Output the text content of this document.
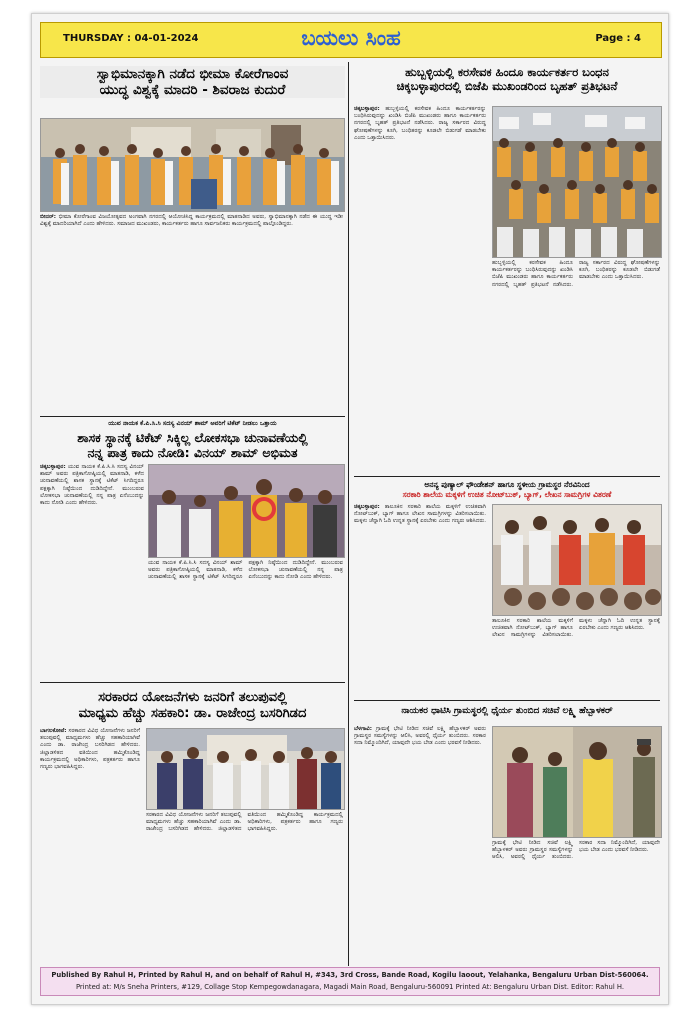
THURSDAY : 04-01-2024	ಬಯಲು ಸಿಂಹ	Page : 4
ಸ್ವಾಭಿಮಾನಕ್ಕಾಗಿ ನಡೆದ ಭೀಮಾ ಕೋರೆಗಾಂವ
ಯುದ್ಧ ವಿಶ್ವಕ್ಕೆ ಮಾದರಿ - ಶಿವರಾಜ ಕುದುರೆ

ಬೀದರ್: ಭೀಮಾ ಕೋರೆಗಾಂವ ವಿಜಯೋತ್ಸವದ ಅಂಗವಾಗಿ ನಗರದಲ್ಲಿ ಆಯೋಜಿಸಿದ್ದ ಕಾರ್ಯಕ್ರಮದಲ್ಲಿ ಮಾತನಾಡಿದ ಅವರು, ಸ್ವಾಭಿಮಾನಕ್ಕಾಗಿ ನಡೆದ ಈ ಯುದ್ಧ ಇಡೀ ವಿಶ್ವಕ್ಕೆ ಮಾದರಿಯಾಗಿದೆ ಎಂದು ಹೇಳಿದರು. ಸಮಾಜದ ಮುಖಂಡರು, ಕಾರ್ಯಕರ್ತರು ಹಾಗೂ ಸಾರ್ವಜನಿಕರು ಕಾರ್ಯಕ್ರಮದಲ್ಲಿ ಪಾಲ್ಗೊಂಡಿದ್ದರು.

ಯುವ ನಾಯಕ ಕೆ.ಪಿ.ಸಿ.ಸಿ ಸದಸ್ಯ ವಿನಯ್ ಶಾಮ್ ಅವರಿಗೆ ಟಿಕೆಟ್ ನೀಡಲು ಒತ್ತಾಯ
ಶಾಸಕ ಸ್ಥಾನಕ್ಕೆ ಟಿಕೆಟ್ ಸಿಕ್ಕಿಲ್ಲ ಲೋಕಸಭಾ ಚುನಾವಣೆಯಲ್ಲಿ
ನನ್ನ ಪಾತ್ರ ಕಾದು ನೋಡಿ: ವಿನಯ್ ಶಾಮ್ ಅಭಿಮತ

ಚಿಕ್ಕಬಳ್ಳಾಪುರ: ಯುವ ನಾಯಕ ಕೆ.ಪಿ.ಸಿ.ಸಿ ಸದಸ್ಯ ವಿನಯ್ ಶಾಮ್ ಅವರು ಪತ್ರಿಕಾಗೋಷ್ಠಿಯಲ್ಲಿ ಮಾತನಾಡಿ, ಕಳೆದ ಚುನಾವಣೆಯಲ್ಲಿ ಶಾಸಕ ಸ್ಥಾನಕ್ಕೆ ಟಿಕೆಟ್ ಸಿಗದಿದ್ದರೂ ಪಕ್ಷಕ್ಕಾಗಿ ನಿಷ್ಠೆಯಿಂದ ದುಡಿದಿದ್ದೇನೆ. ಮುಂಬರುವ ಲೋಕಸಭಾ ಚುನಾವಣೆಯಲ್ಲಿ ನನ್ನ ಪಾತ್ರ ಏನೆಂಬುದನ್ನು ಕಾದು ನೋಡಿ ಎಂದು ಹೇಳಿದರು.

ಯುವ ನಾಯಕ ಕೆ.ಪಿ.ಸಿ.ಸಿ ಸದಸ್ಯ ವಿನಯ್ ಶಾಮ್ ಅವರು ಪತ್ರಿಕಾಗೋಷ್ಠಿಯಲ್ಲಿ ಮಾತನಾಡಿ, ಕಳೆದ ಚುನಾವಣೆಯಲ್ಲಿ ಶಾಸಕ ಸ್ಥಾನಕ್ಕೆ ಟಿಕೆಟ್ ಸಿಗದಿದ್ದರೂ ಪಕ್ಷಕ್ಕಾಗಿ ನಿಷ್ಠೆಯಿಂದ ದುಡಿದಿದ್ದೇನೆ. ಮುಂಬರುವ ಲೋಕಸಭಾ ಚುನಾವಣೆಯಲ್ಲಿ ನನ್ನ ಪಾತ್ರ ಏನೆಂಬುದನ್ನು ಕಾದು ನೋಡಿ ಎಂದು ಹೇಳಿದರು.

ಸರಕಾರದ ಯೋಜನೆಗಳು ಜನರಿಗೆ ತಲುಪುವಲ್ಲಿ
ಮಾಧ್ಯಮ ಹೆಚ್ಚು ಸಹಕಾರಿ: ಡಾ. ರಾಜೇಂದ್ರ ಬಸರಿಗಿಡದ

ಬಾಗಲಕೋಟೆ: ಸರಕಾರದ ವಿವಿಧ ಯೋಜನೆಗಳು ಜನರಿಗೆ ತಲುಪುವಲ್ಲಿ ಮಾಧ್ಯಮಗಳು ಹೆಚ್ಚು ಸಹಕಾರಿಯಾಗಿವೆ ಎಂದು ಡಾ. ರಾಜೇಂದ್ರ ಬಸರಿಗಿಡದ ಹೇಳಿದರು. ಜಿಲ್ಲಾಡಳಿತದ ವತಿಯಿಂದ ಹಮ್ಮಿಕೊಂಡಿದ್ದ ಕಾರ್ಯಕ್ರಮದಲ್ಲಿ ಅಧಿಕಾರಿಗಳು, ಪತ್ರಕರ್ತರು ಹಾಗೂ ಗಣ್ಯರು ಭಾಗವಹಿಸಿದ್ದರು.

ಸರಕಾರದ ವಿವಿಧ ಯೋಜನೆಗಳು ಜನರಿಗೆ ತಲುಪುವಲ್ಲಿ ಮಾಧ್ಯಮಗಳು ಹೆಚ್ಚು ಸಹಕಾರಿಯಾಗಿವೆ ಎಂದು ಡಾ. ರಾಜೇಂದ್ರ ಬಸರಿಗಿಡದ ಹೇಳಿದರು. ಜಿಲ್ಲಾಡಳಿತದ ವತಿಯಿಂದ ಹಮ್ಮಿಕೊಂಡಿದ್ದ ಕಾರ್ಯಕ್ರಮದಲ್ಲಿ ಅಧಿಕಾರಿಗಳು, ಪತ್ರಕರ್ತರು ಹಾಗೂ ಗಣ್ಯರು ಭಾಗವಹಿಸಿದ್ದರು.

ಹುಬ್ಬಳ್ಳಿಯಲ್ಲಿ ಕರಸೇವಕ ಹಿಂದೂ ಕಾರ್ಯಕರ್ತರ ಬಂಧನ
ಚಿಕ್ಕಬಳ್ಳಾಪುರದಲ್ಲಿ ಬಿಜೆಪಿ ಮುಖಂಡರಿಂದ ಬೃಹತ್ ಪ್ರತಿಭಟನೆ

ಚಿಕ್ಕಬಳ್ಳಾಪುರ: ಹುಬ್ಬಳ್ಳಿಯಲ್ಲಿ ಕರಸೇವಕ ಹಿಂದೂ ಕಾರ್ಯಕರ್ತರನ್ನು ಬಂಧಿಸಿರುವುದನ್ನು ಖಂಡಿಸಿ ಬಿಜೆಪಿ ಮುಖಂಡರು ಹಾಗೂ ಕಾರ್ಯಕರ್ತರು ನಗರದಲ್ಲಿ ಬೃಹತ್ ಪ್ರತಿಭಟನೆ ನಡೆಸಿದರು. ರಾಜ್ಯ ಸರ್ಕಾರದ ವಿರುದ್ಧ ಘೋಷಣೆಗಳನ್ನು ಕೂಗಿ, ಬಂಧಿತರನ್ನು ಕೂಡಲೇ ಬಿಡುಗಡೆ ಮಾಡಬೇಕು ಎಂದು ಒತ್ತಾಯಿಸಿದರು.

ಹುಬ್ಬಳ್ಳಿಯಲ್ಲಿ ಕರಸೇವಕ ಹಿಂದೂ ಕಾರ್ಯಕರ್ತರನ್ನು ಬಂಧಿಸಿರುವುದನ್ನು ಖಂಡಿಸಿ ಬಿಜೆಪಿ ಮುಖಂಡರು ಹಾಗೂ ಕಾರ್ಯಕರ್ತರು ನಗರದಲ್ಲಿ ಬೃಹತ್ ಪ್ರತಿಭಟನೆ ನಡೆಸಿದರು. ರಾಜ್ಯ ಸರ್ಕಾರದ ವಿರುದ್ಧ ಘೋಷಣೆಗಳನ್ನು ಕೂಗಿ, ಬಂಧಿತರನ್ನು ಕೂಡಲೇ ಬಿಡುಗಡೆ ಮಾಡಬೇಕು ಎಂದು ಒತ್ತಾಯಿಸಿದರು.

ಅನನ್ಯ ಪುಣ್ಯಾಲ್ ಫೌಂಡೇಶನ್ ಹಾಗೂ ಸ್ಥಳೀಯ ಗ್ರಾಮಸ್ಥರ ನೆರವಿನಿಂದ
ಸರಕಾರಿ ಶಾಲೆಯ ಮಕ್ಕಳಿಗೆ ಉಚಿತ ನೋಟ್‌ಬುಕ್, ಬ್ಯಾಗ್, ಲೇಖನ ಸಾಮಗ್ರಿಗಳ ವಿತರಣೆ

ಚಿಕ್ಕಬಳ್ಳಾಪುರ: ತಾಲೂಕಿನ ಸರಕಾರಿ ಶಾಲೆಯ ಮಕ್ಕಳಿಗೆ ಉಚಿತವಾಗಿ ನೋಟ್‌ಬುಕ್, ಬ್ಯಾಗ್ ಹಾಗೂ ಲೇಖನ ಸಾಮಗ್ರಿಗಳನ್ನು ವಿತರಿಸಲಾಯಿತು. ಮಕ್ಕಳು ಚೆನ್ನಾಗಿ ಓದಿ ಉನ್ನತ ಸ್ಥಾನಕ್ಕೆ ಏರಬೇಕು ಎಂದು ಗಣ್ಯರು ಆಶಿಸಿದರು.

ತಾಲೂಕಿನ ಸರಕಾರಿ ಶಾಲೆಯ ಮಕ್ಕಳಿಗೆ ಉಚಿತವಾಗಿ ನೋಟ್‌ಬುಕ್, ಬ್ಯಾಗ್ ಹಾಗೂ ಲೇಖನ ಸಾಮಗ್ರಿಗಳನ್ನು ವಿತರಿಸಲಾಯಿತು. ಮಕ್ಕಳು ಚೆನ್ನಾಗಿ ಓದಿ ಉನ್ನತ ಸ್ಥಾನಕ್ಕೆ ಏರಬೇಕು ಎಂದು ಗಣ್ಯರು ಆಶಿಸಿದರು.

ನಾಯಕರ ಧಾಟಿಸಿ ಗ್ರಾಮಸ್ಥರಲ್ಲಿ ಧೈರ್ಯ ತುಂಬಿದ ಸಚಿವೆ ಲಕ್ಷ್ಮಿ ಹೆಬ್ಬಾಳಕರ್

ಬೆಳಗಾವಿ: ಗ್ರಾಮಕ್ಕೆ ಭೇಟಿ ನೀಡಿದ ಸಚಿವೆ ಲಕ್ಷ್ಮಿ ಹೆಬ್ಬಾಳಕರ್ ಅವರು ಗ್ರಾಮಸ್ಥರ ಸಮಸ್ಯೆಗಳನ್ನು ಆಲಿಸಿ, ಅವರಲ್ಲಿ ಧೈರ್ಯ ತುಂಬಿದರು. ಸರಕಾರ ಸದಾ ನಿಮ್ಮೊಂದಿಗಿದೆ, ಯಾವುದೇ ಭಯ ಬೇಡ ಎಂದು ಭರವಸೆ ನೀಡಿದರು.

ಗ್ರಾಮಕ್ಕೆ ಭೇಟಿ ನೀಡಿದ ಸಚಿವೆ ಲಕ್ಷ್ಮಿ ಹೆಬ್ಬಾಳಕರ್ ಅವರು ಗ್ರಾಮಸ್ಥರ ಸಮಸ್ಯೆಗಳನ್ನು ಆಲಿಸಿ, ಅವರಲ್ಲಿ ಧೈರ್ಯ ತುಂಬಿದರು. ಸರಕಾರ ಸದಾ ನಿಮ್ಮೊಂದಿಗಿದೆ, ಯಾವುದೇ ಭಯ ಬೇಡ ಎಂದು ಭರವಸೆ ನೀಡಿದರು.

Published By Rahul H, Printed by Rahul H, and on behalf of Rahul H, #343, 3rd Cross, Bande Road, Kogilu laoout, Yelahanka, Bengaluru Urban Dist-560064.
Printed at: M/s Sneha Printers, #129, Collage Stop Kempegowdanagara, Magadi Main Road, Bengaluru-560091 Printed At: Bengaluru Urban Dist. Editor: Rahul H.
